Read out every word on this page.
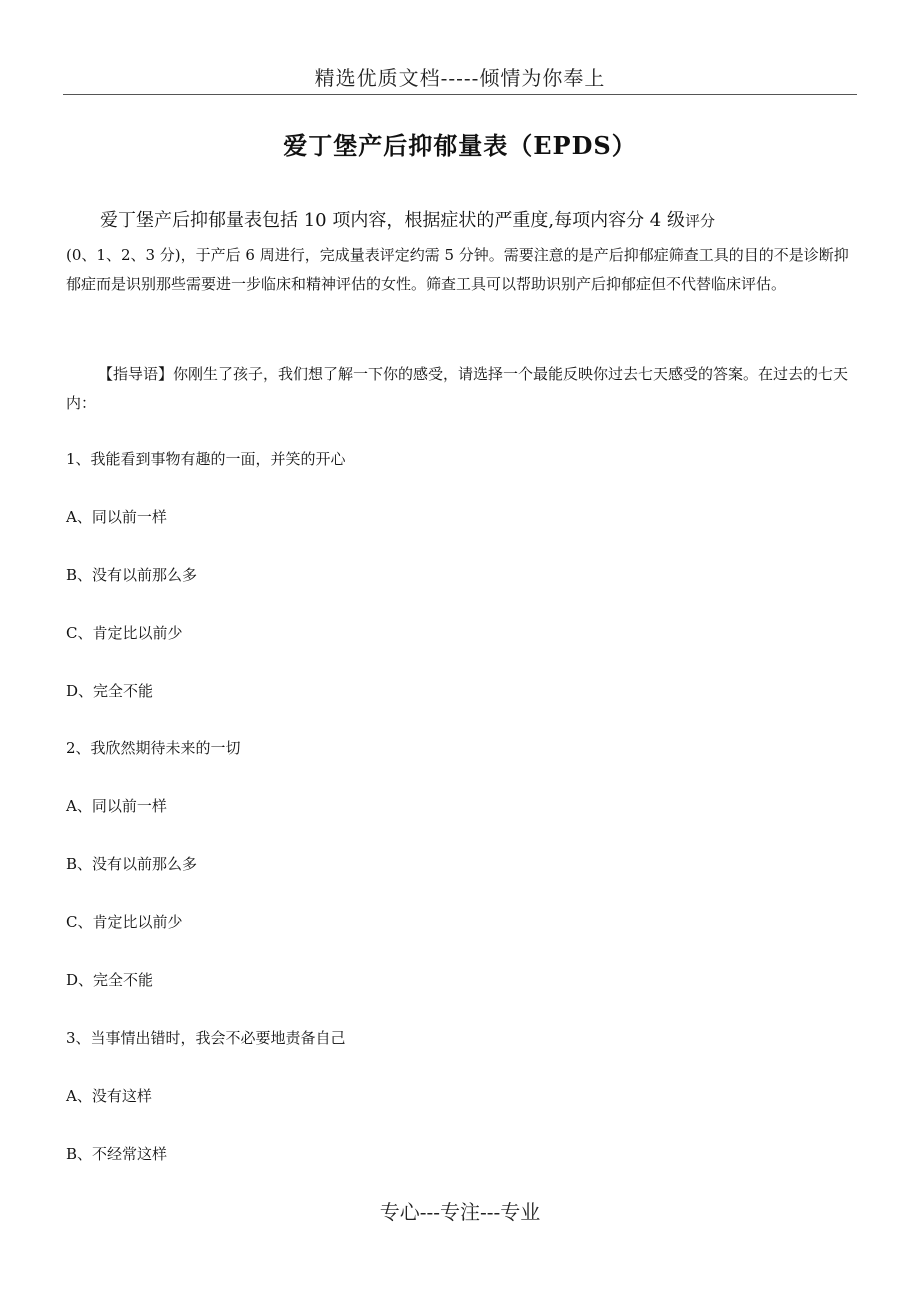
精选优质文档-----倾情为你奉上
爱丁堡产后抑郁量表（EPDS）
爱丁堡产后抑郁量表包括 10 项内容，根据症状的严重度,每项内容分 4 级评分
(0、1、2、3 分)，于产后 6 周进行，完成量表评定约需 5 分钟。需要注意的是产后抑郁症筛查工具的目的不是诊断抑郁症而是识别那些需要进一步临床和精神评估的女性。筛查工具可以帮助识别产后抑郁症但不代替临床评估。
【指导语】你刚生了孩子，我们想了解一下你的感受，请选择一个最能反映你过去七天感受的答案。在过去的七天内：
1、我能看到事物有趣的一面，并笑的开心
A、同以前一样
B、没有以前那么多
C、肯定比以前少
D、完全不能
2、我欣然期待未来的一切
A、同以前一样
B、没有以前那么多
C、肯定比以前少
D、完全不能
3、当事情出错时，我会不必要地责备自己
A、没有这样
B、不经常这样
专心---专注---专业
